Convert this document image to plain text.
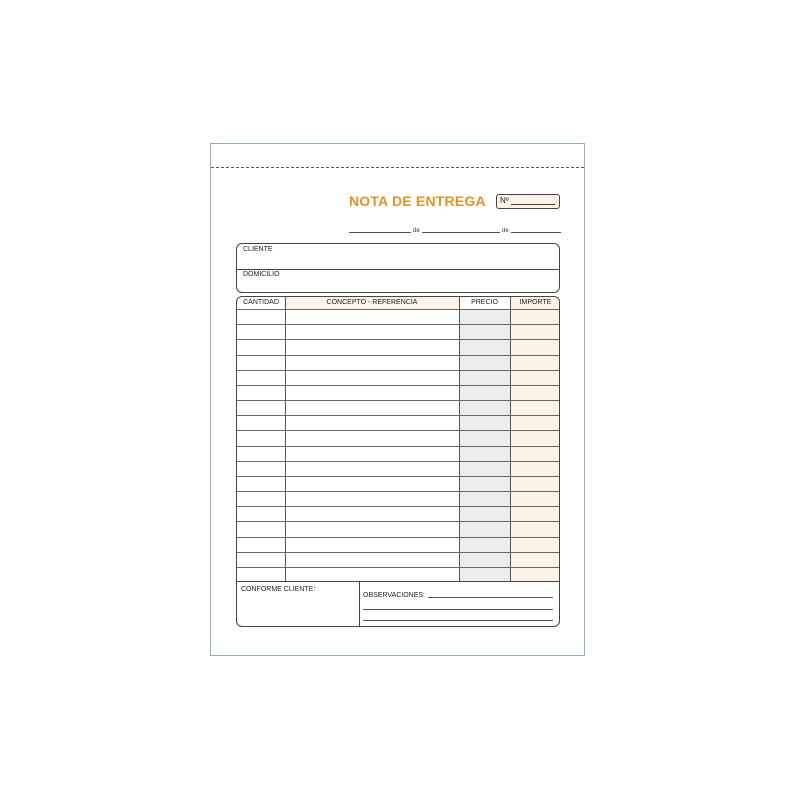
NOTA DE ENTREGA Nº
de	de
CLIENTE
DOMICILIO
CANTIDAD	CONCEPTO - REFERENCIA	PRECIO	IMPORTE
CONFORME CLIENTE:
OBSERVACIONES:
